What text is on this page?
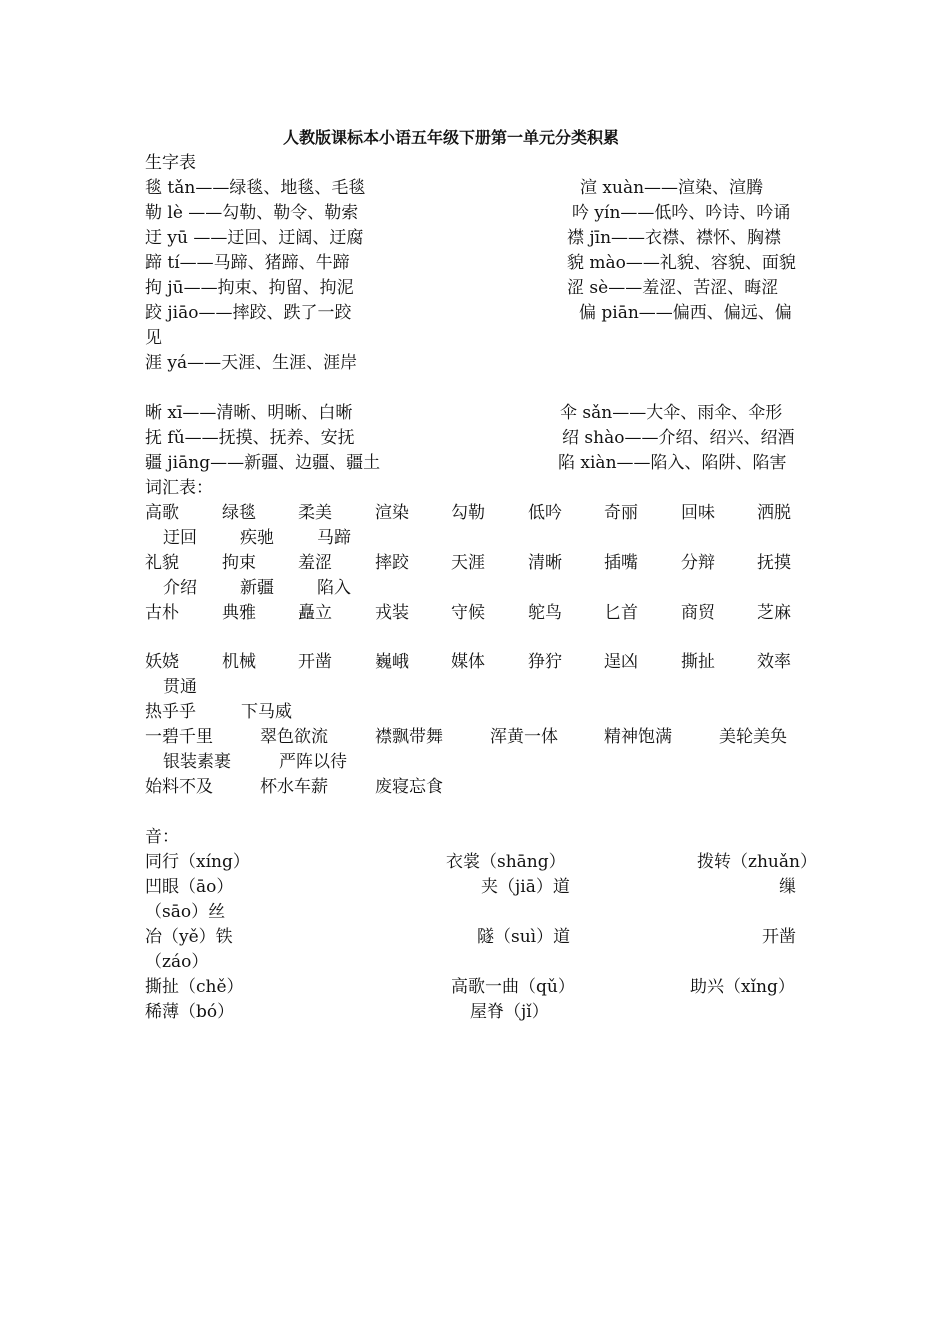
人教版课标本小语五年级下册第一单元分类积累
生字表
毯 tǎn——绿毯、地毯、毛毯	渲 xuàn——渲染、渲腾
勒 lè ——勾勒、勒令、勒索	吟 yín——低吟、吟诗、吟诵
迂 yū ——迂回、迂阔、迂腐	襟 jīn——衣襟、襟怀、胸襟
蹄 tí——马蹄、猪蹄、牛蹄	貌 mào——礼貌、容貌、面貌
拘 jū——拘束、拘留、拘泥	涩 sè——羞涩、苦涩、晦涩
跤 jiāo——摔跤、跌了一跤	偏 piān——偏西、偏远、偏
见
涯 yá——天涯、生涯、涯岸
晰 xī——清晰、明晰、白晰	伞 sǎn——大伞、雨伞、伞形
抚 fǔ——抚摸、抚养、安抚	绍 shào——介绍、绍兴、绍酒
疆 jiāng——新疆、边疆、疆土	陷 xiàn——陷入、陷阱、陷害
词汇表：
高歌	绿毯 柔美	渲染 勾勒	低吟 奇丽	回味 洒脱
迂回	疾驰	马蹄
礼貌	拘束 羞涩	摔跤 天涯	清晰 插嘴	分辩 抚摸
介绍	新疆	陷入
古朴	典雅 矗立	戎装 守候	鸵鸟 匕首	商贸 芝麻
妖娆	机械 开凿	巍峨 媒体	狰狞 逞凶	撕扯 效率
贯通
热乎乎	下马威
一碧千里	翠色欲流	襟飘带舞	浑黄一体	精神饱满	美轮美奂
银装素裹	严阵以待
始料不及	杯水车薪	废寝忘食
音：
同行（xíng）	衣裳（shāng）	拨转（zhuǎn）
凹眼（āo）	夹（jiā）道	缫
（sāo）丝
冶（yě）铁	隧（suì）道	开凿
（záo）
撕扯（chě）	高歌一曲（qǔ）	助兴（xǐng）
稀薄（bó）	屋脊（jǐ）
